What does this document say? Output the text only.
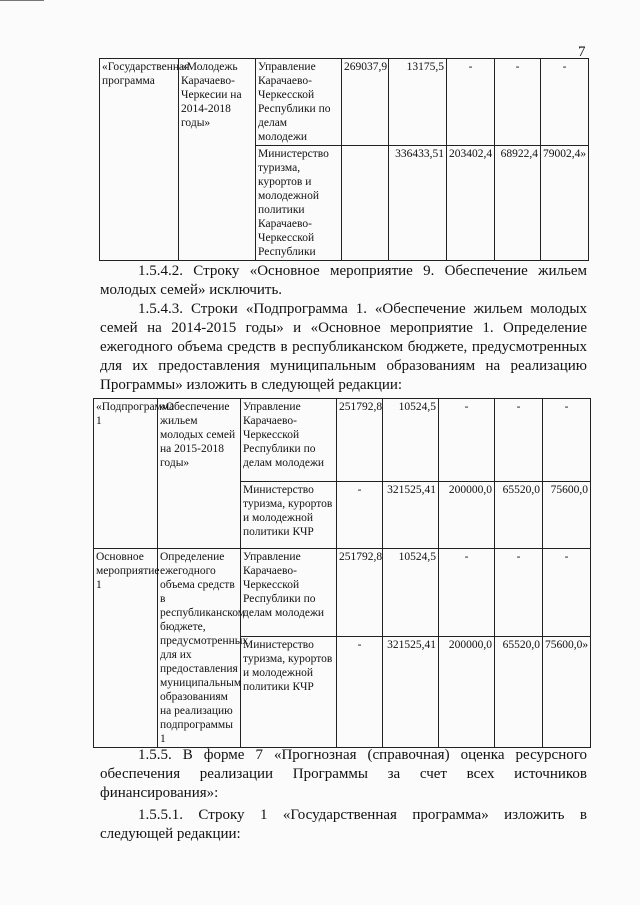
7
«Государственная программа	«Молодежь Карачаево-Черкесии на 2014-2018 годы»	Управление Карачаево-Черкесской Республики по делам молодежи	269037,9	13175,5	-	-	-
		Министерство туризма, курортов и молодежной политики Карачаево-Черкесской Республики		336433,51	203402,4	68922,4	79002,4»

1.5.4.2. Строку «Основное мероприятие 9. Обеспечение жильем молодых семей» исключить.

1.5.4.3. Строки «Подпрограмма 1. «Обеспечение жильем молодых семей на 2014-2015 годы» и «Основное мероприятие 1. Определение ежегодного объема средств в республиканском бюджете, предусмотренных для их предоставления муниципальным образованиям на реализацию Программы» изложить в следующей редакции:

«Подпрограмма 1	«Обеспечение жильем молодых семей на 2015-2018 годы»	Управление Карачаево-Черкесской Республики по делам молодежи	251792,8	10524,5	-	-	-
		Министерство туризма, курортов и молодежной политики КЧР	-	321525,41	200000,0	65520,0	75600,0
Основное мероприятие 1	Определение ежегодного объема средств в республиканском бюджете, предусмотренных для их предоставления муниципальным образованиям на реализацию подпрограммы 1	Управление Карачаево-Черкесской Республики по делам молодежи	251792,8	10524,5	-	-	-
		Министерство туризма, курортов и молодежной политики КЧР	-	321525,41	200000,0	65520,0	75600,0»

1.5.5. В форме 7 «Прогнозная (справочная) оценка ресурсного обеспечения реализации Программы за счет всех источников финансирования»:

1.5.5.1. Строку 1 «Государственная программа» изложить в следующей редакции:
